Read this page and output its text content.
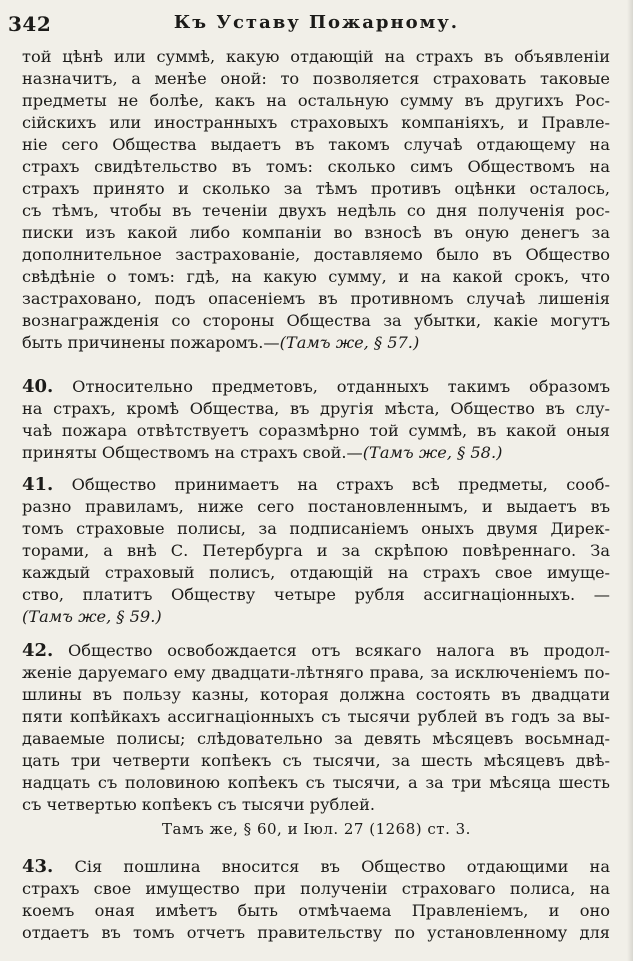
342	Къ Уставу Пожарному.
той цѣнѣ или суммѣ, какую отдающій на страхъ въ объявленіи
назначитъ, а менѣе оной: то позволяется страховать таковые
предметы не болѣе, какъ на остальную сумму въ другихъ Рос-
сійскихъ или иностранныхъ страховыхъ компаніяхъ, и Правле-
ніе сего Общества выдаетъ въ такомъ случаѣ отдающему на
страхъ свидѣтельство въ томъ: сколько симъ Обществомъ на
страхъ принято и сколько за тѣмъ противъ оцѣнки осталось,
съ тѣмъ, чтобы въ теченіи двухъ недѣль со дня полученія рос-
писки изъ какой либо компаніи во взносѣ въ оную денегъ за
дополнительное застрахованіе, доставляемо было въ Общество
свѣдѣніе о томъ: гдѣ, на какую сумму, и на какой срокъ, что
застраховано, подъ опасеніемъ въ противномъ случаѣ лишенія
вознагражденія со стороны Общества за убытки, какіе могутъ
быть причинены пожаромъ.—(Тамъ же, § 57.)
40. Относительно предметовъ, отданныхъ такимъ образомъ
на страхъ, кромѣ Общества, въ другія мѣста, Общество въ слу-
чаѣ пожара отвѣтствуетъ соразмѣрно той суммѣ, въ какой оныя
приняты Обществомъ на страхъ свой.—(Тамъ же, § 58.)
41. Общество принимаетъ на страхъ всѣ предметы, сооб-
разно правиламъ, ниже сего постановленнымъ, и выдаетъ въ
томъ страховые полисы, за подписаніемъ оныхъ двумя Дирек-
торами, а внѣ С. Петербурга и за скрѣпою повѣреннаго. За
каждый страховый полисъ, отдающій на страхъ свое имуще-
ство, платитъ Обществу четыре рубля ассигнаціонныхъ. —
(Тамъ же, § 59.)
42. Общество освобождается отъ всякаго налога въ продол-
женіе даруемаго ему двадцати-лѣтняго права, за исключеніемъ по-
шлины въ пользу казны, которая должна состоять въ двадцати
пяти копѣйкахъ ассигнаціонныхъ съ тысячи рублей въ годъ за вы-
даваемые полисы; слѣдовательно за девять мѣсяцевъ восьмнад-
цать три четверти копѣекъ съ тысячи, за шесть мѣсяцевъ двѣ-
надцать съ половиною копѣекъ съ тысячи, а за три мѣсяца шесть
съ четвертью копѣекъ съ тысячи рублей.
Тамъ же, § 60, и Іюл. 27 (1268) ст. 3.
43. Сія пошлина вносится въ Общество отдающими на
страхъ свое имущество при полученіи страховаго полиса, на
коемъ оная имѣетъ быть отмѣчаема Правленіемъ, и оно
отдаетъ въ томъ отчетъ правительству по установленному для
